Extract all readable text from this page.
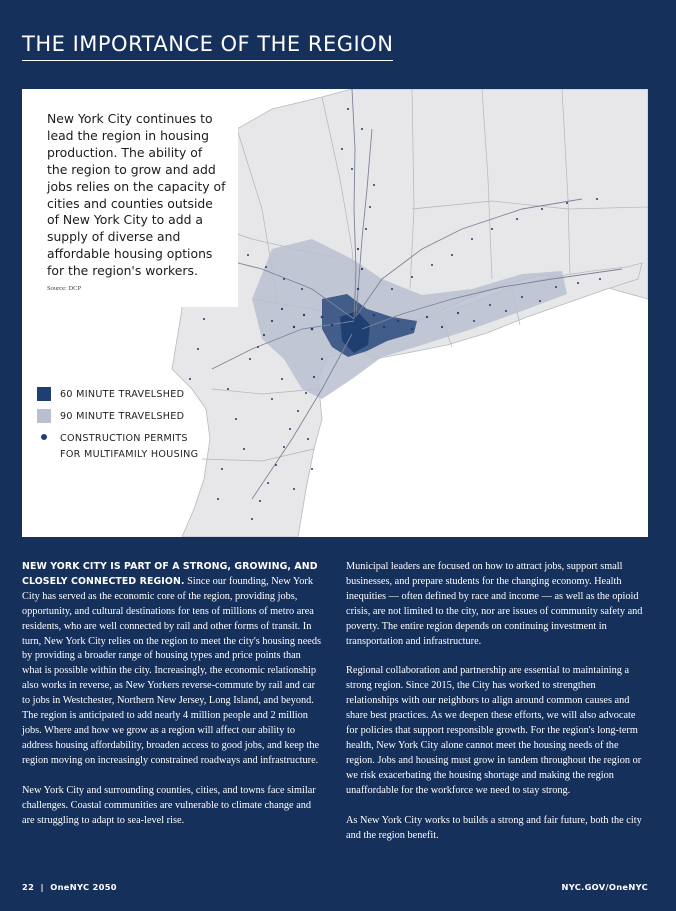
THE IMPORTANCE OF THE REGION

New York City continues to lead the region in housing production. The ability of the region to grow and add jobs relies on the capacity of cities and counties outside of New York City to add a supply of diverse and affordable housing options for the region's workers.

Source: DCP
60 MINUTE TRAVELSHED
90 MINUTE TRAVELSHED
CONSTRUCTION PERMITS
FOR MULTIFAMILY HOUSING

NEW YORK CITY IS PART OF A STRONG, GROWING, AND CLOSELY CONNECTED REGION. Since our founding, New York City has served as the economic core of the region, providing jobs, opportunity, and cultural destinations for tens of millions of metro area residents, who are well connected by rail and other forms of transit. In turn, New York City relies on the region to meet the city's housing needs by providing a broader range of housing types and price points than what is possible within the city. Increasingly, the economic relationship also works in reverse, as New Yorkers reverse-commute by rail and car to jobs in Westchester, Northern New Jersey, Long Island, and beyond. The region is anticipated to add nearly 4 million people and 2 million jobs. Where and how we grow as a region will affect our ability to address housing affordability, broaden access to good jobs, and keep the region moving on increasingly constrained roadways and infrastructure.

New York City and surrounding counties, cities, and towns face similar challenges. Coastal communities are vulnerable to climate change and are struggling to adapt to sea-level rise.

Municipal leaders are focused on how to attract jobs, support small businesses, and prepare students for the changing economy. Health inequities — often defined by race and income — as well as the opioid crisis, are not limited to the city, nor are issues of community safety and poverty. The entire region depends on continuing investment in transportation and infrastructure.

Regional collaboration and partnership are essential to maintaining a strong region. Since 2015, the City has worked to strengthen relationships with our neighbors to align around common causes and share best practices. As we deepen these efforts, we will also advocate for policies that support responsible growth. For the region's long-term health, New York City alone cannot meet the housing needs of the region. Jobs and housing must grow in tandem throughout the region or we risk exacerbating the housing shortage and making the region unaffordable for the workforce we need to stay strong.

As New York City works to builds a strong and fair future, both the city and the region benefit.

22  |  OneNYC 2050	NYC.GOV/OneNYC
